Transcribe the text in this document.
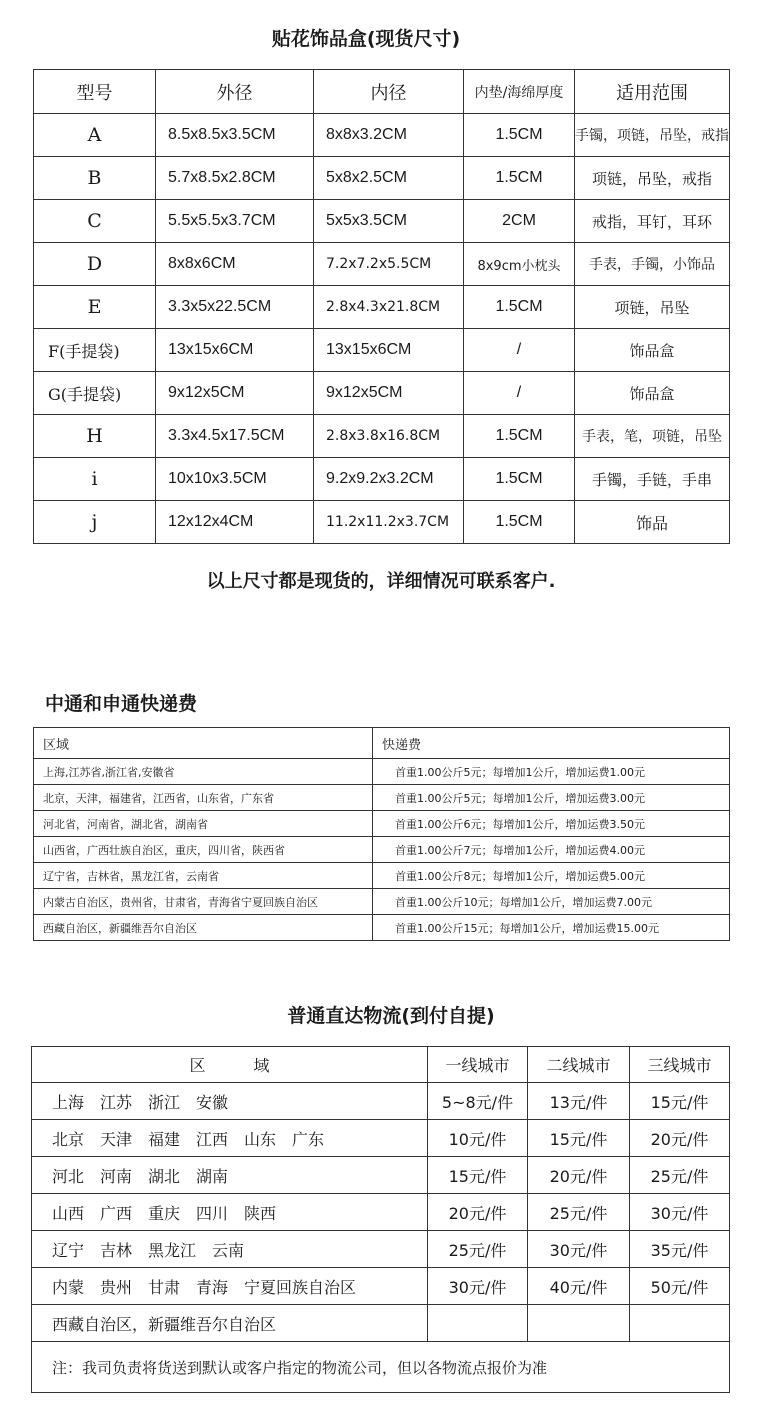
贴花饰品盒(现货尺寸)
型号	外径	内径	内垫/海绵厚度	适用范围
A	8.5x8.5x3.5CM	8x8x3.2CM	1.5CM	手镯，项链，吊坠，戒指
B	5.7x8.5x2.8CM	5x8x2.5CM	1.5CM	项链，吊坠，戒指
C	5.5x5.5x3.7CM	5x5x3.5CM	2CM	戒指，耳钉，耳环
D	8x8x6CM	7.2x7.2x5.5CM	8x9cm小枕头	手表，手镯，小饰品
E	3.3x5x22.5CM	2.8x4.3x21.8CM	1.5CM	项链，吊坠
F(手提袋)	13x15x6CM	13x15x6CM	/	饰品盒
G(手提袋)	9x12x5CM	9x12x5CM	/	饰品盒
H	3.3x4.5x17.5CM	2.8x3.8x16.8CM	1.5CM	手表，笔，项链，吊坠
i	10x10x3.5CM	9.2x9.2x3.2CM	1.5CM	手镯，手链，手串
j	12x12x4CM	11.2x11.2x3.7CM	1.5CM	饰品
以上尺寸都是现货的，详细情况可联系客户.
中通和申通快递费
区域	快递费
上海,江苏省,浙江省,安徽省	首重1.00公斤5元；每增加1公斤，增加运费1.00元
北京，天津，福建省，江西省，山东省，广东省	首重1.00公斤5元；每增加1公斤，增加运费3.00元
河北省，河南省，湖北省，湖南省	首重1.00公斤6元；每增加1公斤，增加运费3.50元
山西省，广西壮族自治区，重庆，四川省，陕西省	首重1.00公斤7元；每增加1公斤，增加运费4.00元
辽宁省，吉林省，黑龙江省，云南省	首重1.00公斤8元；每增加1公斤，增加运费5.00元
内蒙古自治区，贵州省，甘肃省，青海省宁夏回族自治区	首重1.00公斤10元；每增加1公斤，增加运费7.00元
西藏自治区，新疆维吾尔自治区	首重1.00公斤15元；每增加1公斤，增加运费15.00元
普通直达物流(到付自提)
区　　　域	一线城市	二线城市	三线城市
上海　江苏　浙江　安徽	5~8元/件	13元/件	15元/件
北京　天津　福建　江西　山东　广东	10元/件	15元/件	20元/件
河北　河南　湖北　湖南	15元/件	20元/件	25元/件
山西　广西　重庆　四川　陕西	20元/件	25元/件	30元/件
辽宁　吉林　黑龙江　云南	25元/件	30元/件	35元/件
内蒙　贵州　甘肃　青海　宁夏回族自治区	30元/件	40元/件	50元/件
西藏自治区，新疆维吾尔自治区			
注：我司负责将货送到默认或客户指定的物流公司，但以各物流点报价为准			
